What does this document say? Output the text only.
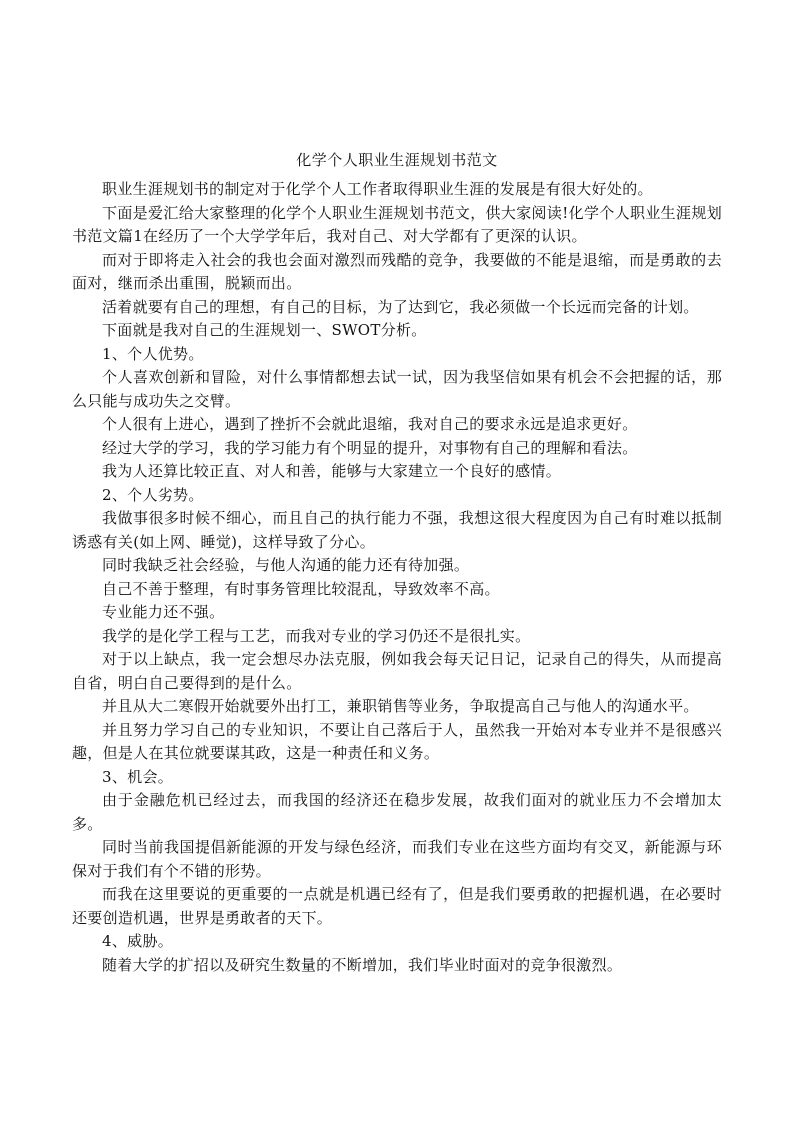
化学个人职业生涯规划书范文

职业生涯规划书的制定对于化学个人工作者取得职业生涯的发展是有很大好处的。

下面是爱汇给大家整理的化学个人职业生涯规划书范文，供大家阅读!化学个人职业生涯规划书范文篇1在经历了一个大学学年后，我对自己、对大学都有了更深的认识。

而对于即将走入社会的我也会面对激烈而残酷的竞争，我要做的不能是退缩，而是勇敢的去面对，继而杀出重围，脱颖而出。

活着就要有自己的理想，有自己的目标，为了达到它，我必须做一个长远而完备的计划。

下面就是我对自己的生涯规划一、SWOT分析。

1、个人优势。

个人喜欢创新和冒险，对什么事情都想去试一试，因为我坚信如果有机会不会把握的话，那么只能与成功失之交臂。

个人很有上进心，遇到了挫折不会就此退缩，我对自己的要求永远是追求更好。

经过大学的学习，我的学习能力有个明显的提升，对事物有自己的理解和看法。

我为人还算比较正直、对人和善，能够与大家建立一个良好的感情。

2、个人劣势。

我做事很多时候不细心，而且自己的执行能力不强，我想这很大程度因为自己有时难以抵制诱惑有关(如上网、睡觉)，这样导致了分心。

同时我缺乏社会经验，与他人沟通的能力还有待加强。

自己不善于整理，有时事务管理比较混乱，导致效率不高。

专业能力还不强。

我学的是化学工程与工艺，而我对专业的学习仍还不是很扎实。

对于以上缺点，我一定会想尽办法克服，例如我会每天记日记，记录自己的得失，从而提高自省，明白自己要得到的是什么。

并且从大二寒假开始就要外出打工，兼职销售等业务，争取提高自己与他人的沟通水平。

并且努力学习自己的专业知识，不要让自己落后于人，虽然我一开始对本专业并不是很感兴趣，但是人在其位就要谋其政，这是一种责任和义务。

3、机会。

由于金融危机已经过去，而我国的经济还在稳步发展，故我们面对的就业压力不会增加太多。

同时当前我国提倡新能源的开发与绿色经济，而我们专业在这些方面均有交叉，新能源与环保对于我们有个不错的形势。

而我在这里要说的更重要的一点就是机遇已经有了，但是我们要勇敢的把握机遇，在必要时还要创造机遇，世界是勇敢者的天下。

4、威胁。

随着大学的扩招以及研究生数量的不断增加，我们毕业时面对的竞争很激烈。
